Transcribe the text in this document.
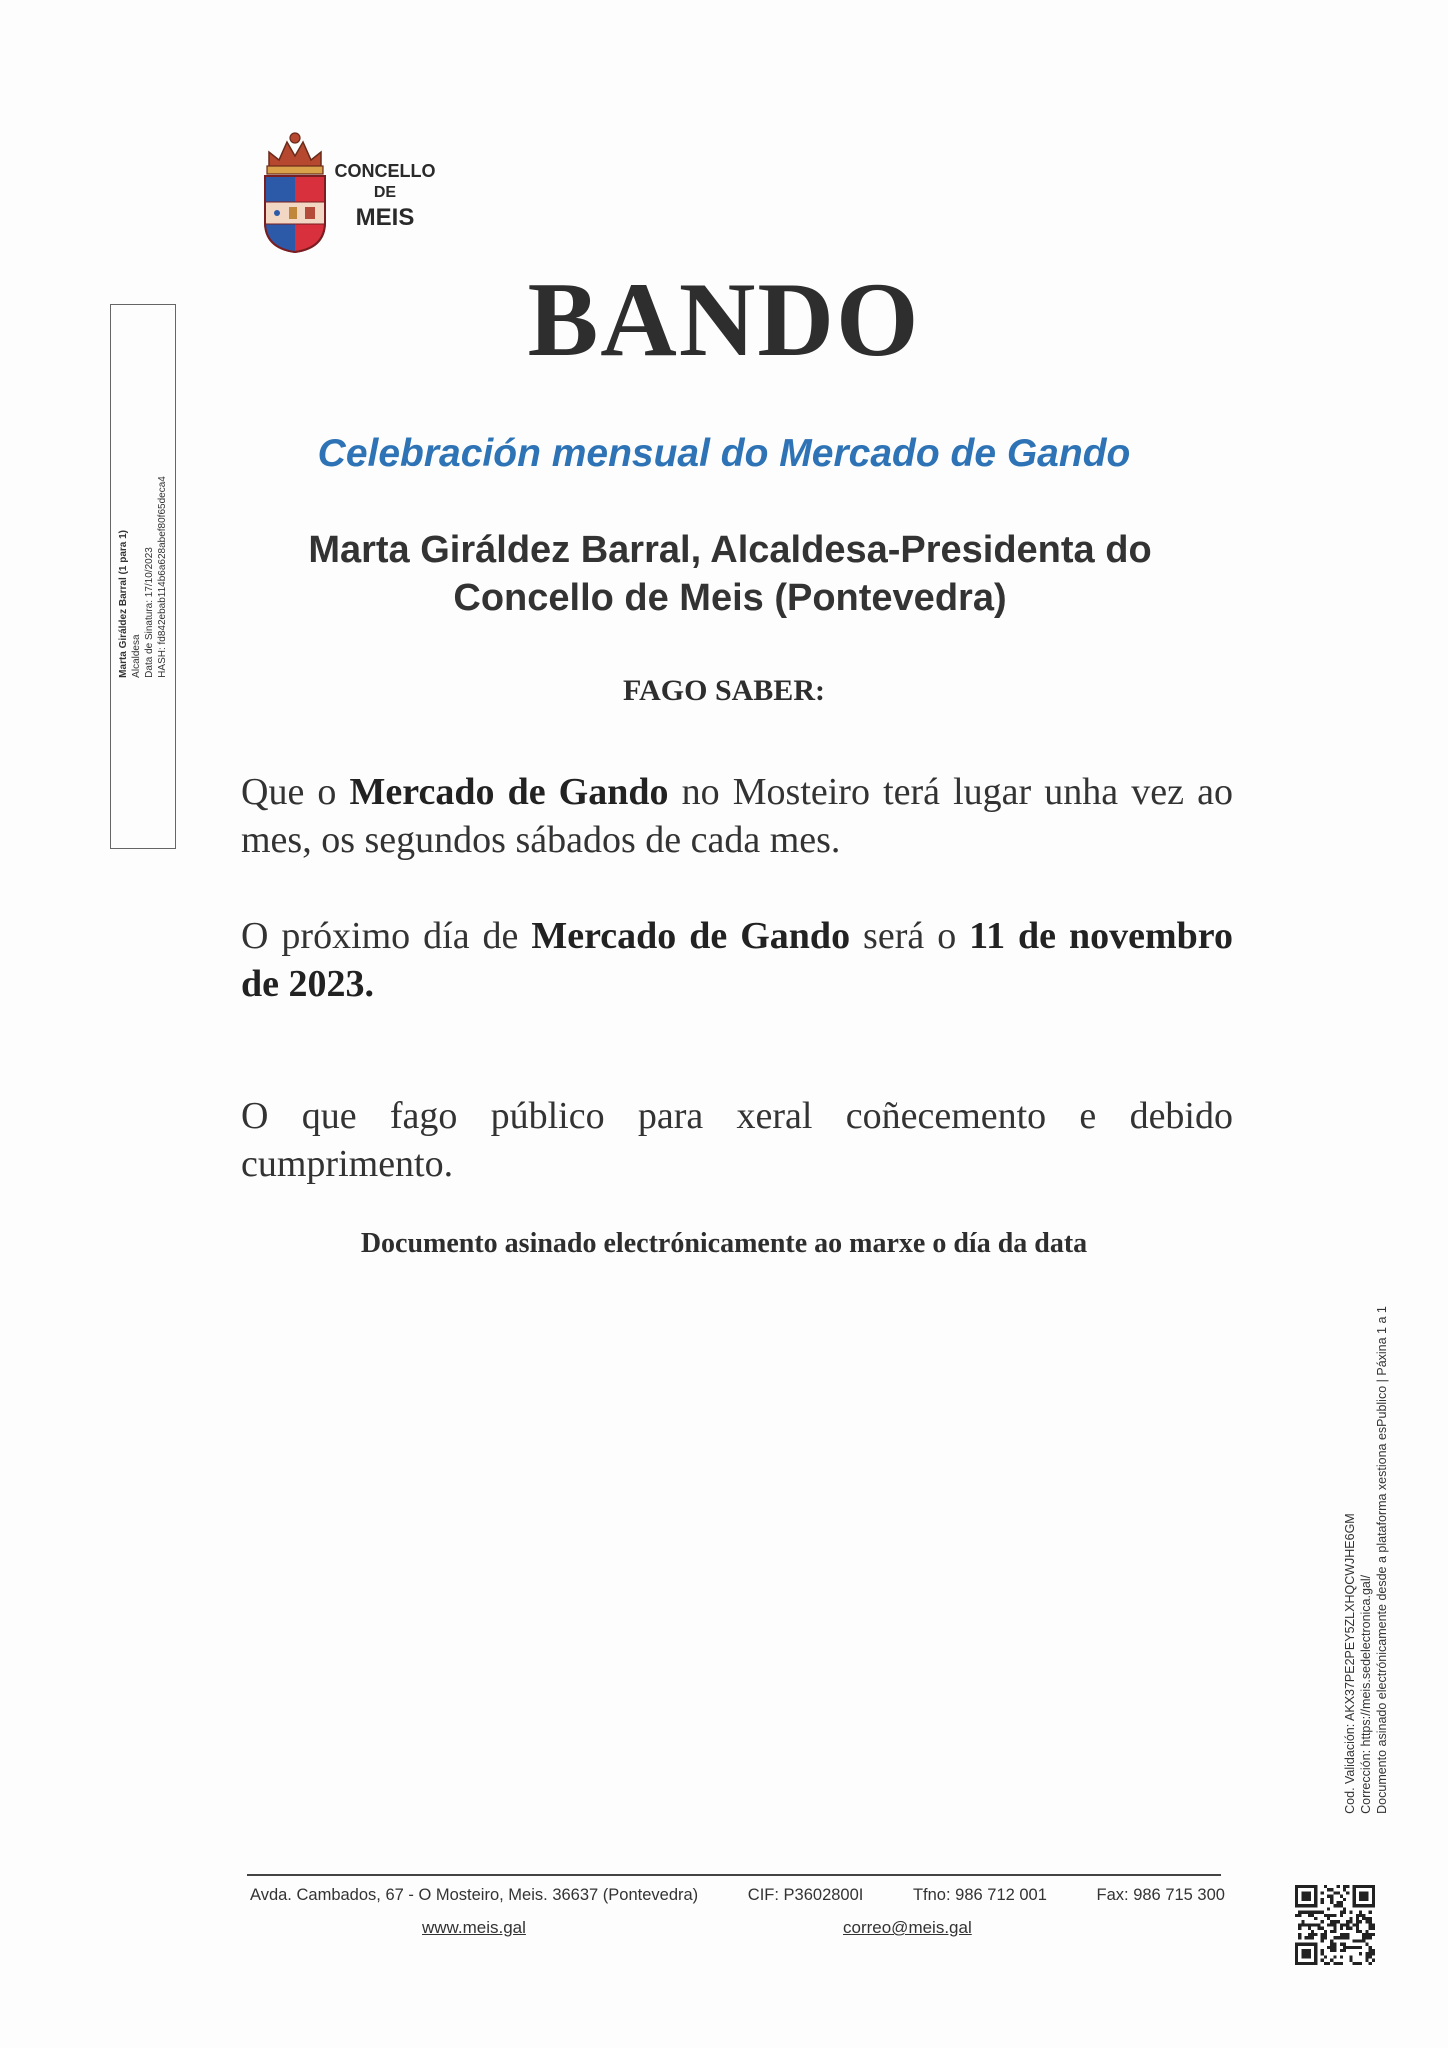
CONCELLO
DE
MEIS
Marta Giráldez Barral (1 para 1) Alcaldesa Data de Sinatura: 17/10/2023 HASH: fd842ebab114b6a628abef80f65deca4
Cod. Validación: AKX37PE2PEY5ZLXHQCWJHE6GM Corrección: https://meis.sedelectronica.gal/ Documento asinado electrónicamente desde a plataforma xestiona esPublico | Páxina 1 a 1
BANDO
Celebración mensual do Mercado de Gando
Marta Giráldez Barral, Alcaldesa-Presidenta do
Concello de Meis (Pontevedra)
FAGO SABER:
Que o Mercado de Gando no Mosteiro terá lugar unha vez ao mes, os segundos sábados de cada mes.
O próximo día de Mercado de Gando será o 11 de novembro de 2023.
O que fago público para xeral coñecemento e debido cumprimento.
Documento asinado electrónicamente ao marxe o día da data
Avda. Cambados, 67 - O Mosteiro, Meis. 36637 (Pontevedra)	CIF: P3602800I	Tfno: 986 712 001	Fax: 986 715 300
www.meis.gal	correo@meis.gal
